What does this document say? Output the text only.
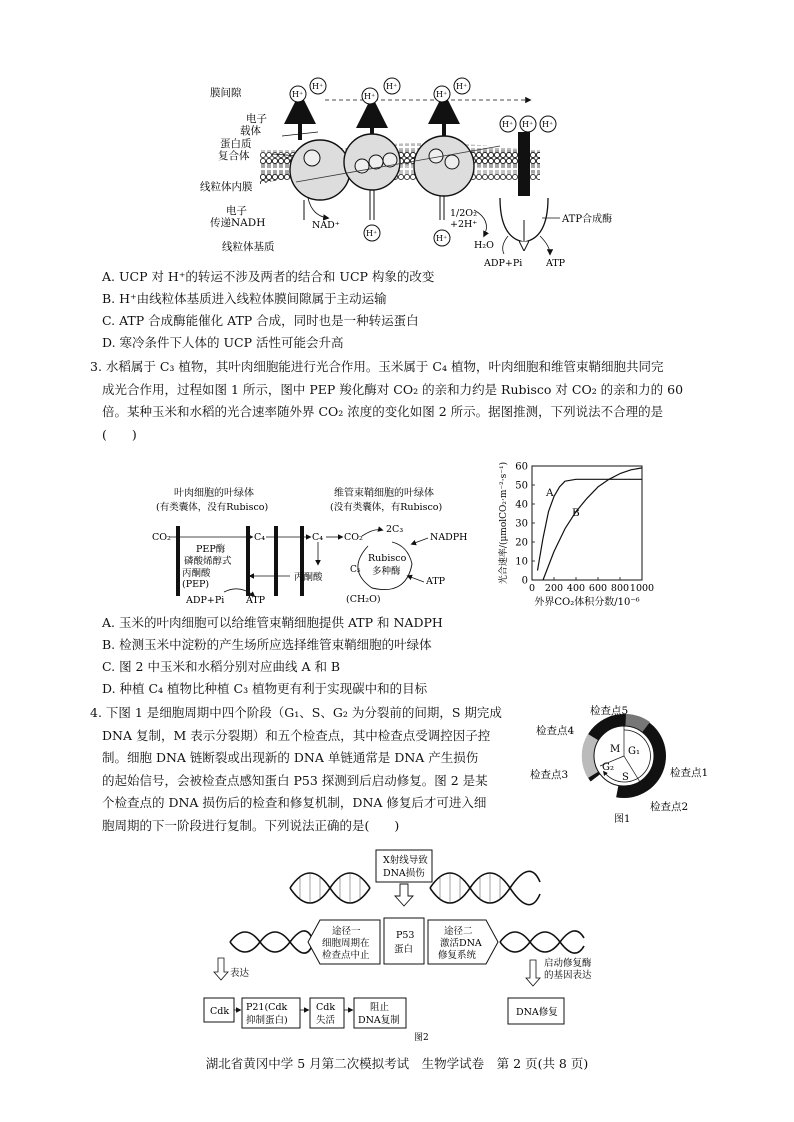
膜间隙
电子载体
蛋白质复合体
线粒体内膜
电子传递NADH
线粒体基质
H⁺
H⁺
H⁺
H⁺
H⁺
H⁺
H⁺ H⁺ H⁺
H⁺
H⁺
NAD⁺
1/2O₂ +2H⁺
H₂O
ATP合成酶
ADP+Pi ATP
A. UCP 对 H⁺的转运不涉及两者的结合和 UCP 构象的改变
B. H⁺由线粒体基质进入线粒体膜间隙属于主动运输
C. ATP 合成酶能催化 ATP 合成，同时也是一种转运蛋白
D. 寒冷条件下人体的 UCP 活性可能会升高
3. 水稻属于 C₃ 植物，其叶肉细胞能进行光合作用。玉米属于 C₄ 植物，叶肉细胞和维管束鞘细胞共同完
成光合作用，过程如图 1 所示，图中 PEP 羧化酶对 CO₂ 的亲和力约是 Rubisco 对 CO₂ 的亲和力的 60
倍。某种玉米和水稻的光合速率随外界 CO₂ 浓度的变化如图 2 所示。据图推测，下列说法不合理的是
(　　)
叶肉细胞的叶绿体
(有类囊体，没有Rubisco)
维管束鞘细胞的叶绿体
(没有类囊体，有Rubisco)
CO₂	C₄	C₄ CO₂
2C₃
NADPH
PEP酶
磷酸烯醇式
丙酮酸
(PEP)
丙酮酸
Rubisco
多种酶
C₅
ATP
(CH₂O)
ADP+Pi ATP
0
10
20
30
40
50
60
0 200 400 600 800 1000
外界CO₂体积分数/10⁻⁶
光合速率/(μmolCO₂·m⁻²·s⁻¹)	A
B
A. 玉米的叶肉细胞可以给维管束鞘细胞提供 ATP 和 NADPH
B. 检测玉米中淀粉的产生场所应选择维管束鞘细胞的叶绿体
C. 图 2 中玉米和水稻分别对应曲线 A 和 B
D. 种植 C₄ 植物比种植 C₃ 植物更有利于实现碳中和的目标
4. 下图 1 是细胞周期中四个阶段（G₁、S、G₂ 为分裂前的间期，S 期完成
DNA 复制，M 表示分裂期）和五个检查点，其中检查点受调控因子控
制。细胞 DNA 链断裂或出现新的 DNA 单链通常是 DNA 产生损伤
的起始信号，会被检查点感知蛋白 P53 探测到后启动修复。图 2 是某
个检查点的 DNA 损伤后的检查和修复机制，DNA 修复后才可进入细
胞周期的下一阶段进行复制。下列说法正确的是(　　)
M G₁
G₂
S
检查点5
检查点4
检查点3	检查点1
检查点2
图1
X射线导致
DNA损伤
途径一
细胞周期在
检查点中止
P53
蛋白
途径二
激活DNA
修复系统
表达
启动修复酶
的基因表达
Cdk P21(Cdk
抑制蛋白)
Cdk
失活
阻止
DNA复制
DNA修复
图2
湖北省黄冈中学 5 月第二次模拟考试　生物学试卷　第 2 页(共 8 页)
